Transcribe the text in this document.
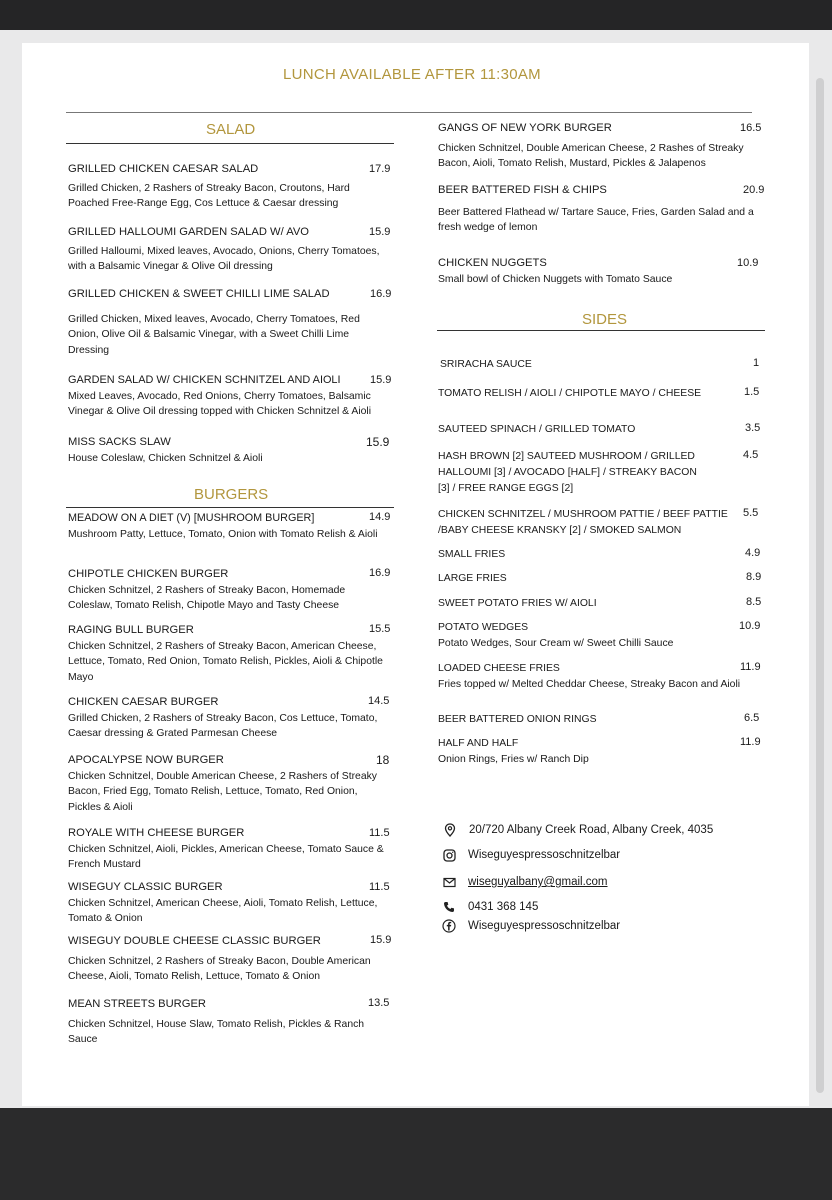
LUNCH AVAILABLE AFTER 11:30AM
SALAD
GRILLED CHICKEN CAESAR SALAD
Grilled Chicken, 2 Rashers of Streaky Bacon, Croutons, Hard Poached Free-Range Egg, Cos Lettuce & Caesar dressing
17.9
GRILLED HALLOUMI GARDEN SALAD W/ AVO
Grilled Halloumi, Mixed leaves, Avocado, Onions, Cherry Tomatoes, with a Balsamic Vinegar & Olive Oil dressing
15.9
GRILLED CHICKEN & SWEET CHILLI LIME SALAD
Grilled Chicken, Mixed leaves, Avocado, Cherry Tomatoes, Red Onion, Olive Oil & Balsamic Vinegar, with a Sweet Chilli Lime Dressing
16.9
GARDEN SALAD W/ CHICKEN SCHNITZEL AND AIOLI
Mixed Leaves, Avocado, Red Onions, Cherry Tomatoes, Balsamic Vinegar & Olive Oil dressing topped with Chicken Schnitzel & Aioli
15.9
MISS SACKS SLAW
House Coleslaw, Chicken Schnitzel & Aioli
15.9
BURGERS
MEADOW ON A DIET (V) [MUSHROOM BURGER]
Mushroom Patty, Lettuce, Tomato, Onion with Tomato Relish & Aioli
14.9
CHIPOTLE CHICKEN BURGER
Chicken Schnitzel, 2 Rashers of Streaky Bacon, Homemade Coleslaw, Tomato Relish, Chipotle Mayo and Tasty Cheese
16.9
RAGING BULL BURGER
Chicken Schnitzel, 2 Rashers of Streaky Bacon, American Cheese, Lettuce, Tomato, Red Onion, Tomato Relish, Pickles, Aioli & Chipotle Mayo
15.5
CHICKEN CAESAR BURGER
Grilled Chicken, 2 Rashers of Streaky Bacon, Cos Lettuce, Tomato, Caesar dressing & Grated Parmesan Cheese
14.5
APOCALYPSE NOW BURGER
Chicken Schnitzel, Double American Cheese, 2 Rashers of Streaky Bacon, Fried Egg, Tomato Relish, Lettuce, Tomato, Red Onion, Pickles & Aioli
18
ROYALE WITH CHEESE BURGER
Chicken Schnitzel, Aioli, Pickles, American Cheese, Tomato Sauce & French Mustard
11.5
WISEGUY CLASSIC BURGER
Chicken Schnitzel, American Cheese, Aioli, Tomato Relish, Lettuce, Tomato & Onion
11.5
WISEGUY DOUBLE CHEESE CLASSIC BURGER
Chicken Schnitzel, 2 Rashers of Streaky Bacon, Double American Cheese, Aioli, Tomato Relish, Lettuce, Tomato & Onion
15.9
MEAN STREETS BURGER
Chicken Schnitzel, House Slaw, Tomato Relish, Pickles & Ranch Sauce
13.5
GANGS OF NEW YORK BURGER
Chicken Schnitzel, Double American Cheese, 2 Rashes of Streaky Bacon, Aioli, Tomato Relish, Mustard, Pickles & Jalapenos
16.5
BEER BATTERED FISH & CHIPS
Beer Battered Flathead w/ Tartare Sauce, Fries, Garden Salad and a fresh wedge of lemon
20.9
CHICKEN NUGGETS
Small bowl of Chicken Nuggets with Tomato Sauce
10.9
SIDES
SRIRACHA SAUCE	1
TOMATO RELISH / AIOLI / CHIPOTLE MAYO / CHEESE	1.5
SAUTEED SPINACH / GRILLED TOMATO	3.5
HASH BROWN [2] SAUTEED MUSHROOM / GRILLED HALLOUMI [3] / AVOCADO [HALF] / STREAKY BACON [3] / FREE RANGE EGGS [2]
4.5
CHICKEN SCHNITZEL / MUSHROOM PATTIE / BEEF PATTIE /BABY CHEESE KRANSKY [2] / SMOKED SALMON
5.5
SMALL FRIES	4.9
LARGE FRIES	8.9
SWEET POTATO FRIES W/ AIOLI	8.5
POTATO WEDGES
Potato Wedges, Sour Cream w/ Sweet Chilli Sauce
10.9
LOADED CHEESE FRIES
Fries topped w/ Melted Cheddar Cheese, Streaky Bacon and Aioli
11.9
BEER BATTERED ONION RINGS	6.5
HALF AND HALF
Onion Rings, Fries w/ Ranch Dip
11.9
20/720 Albany Creek Road, Albany Creek, 4035
Wiseguyespressoschnitzelbar
wiseguyalbany@gmail.com
0431 368 145
Wiseguyespressoschnitzelbar
